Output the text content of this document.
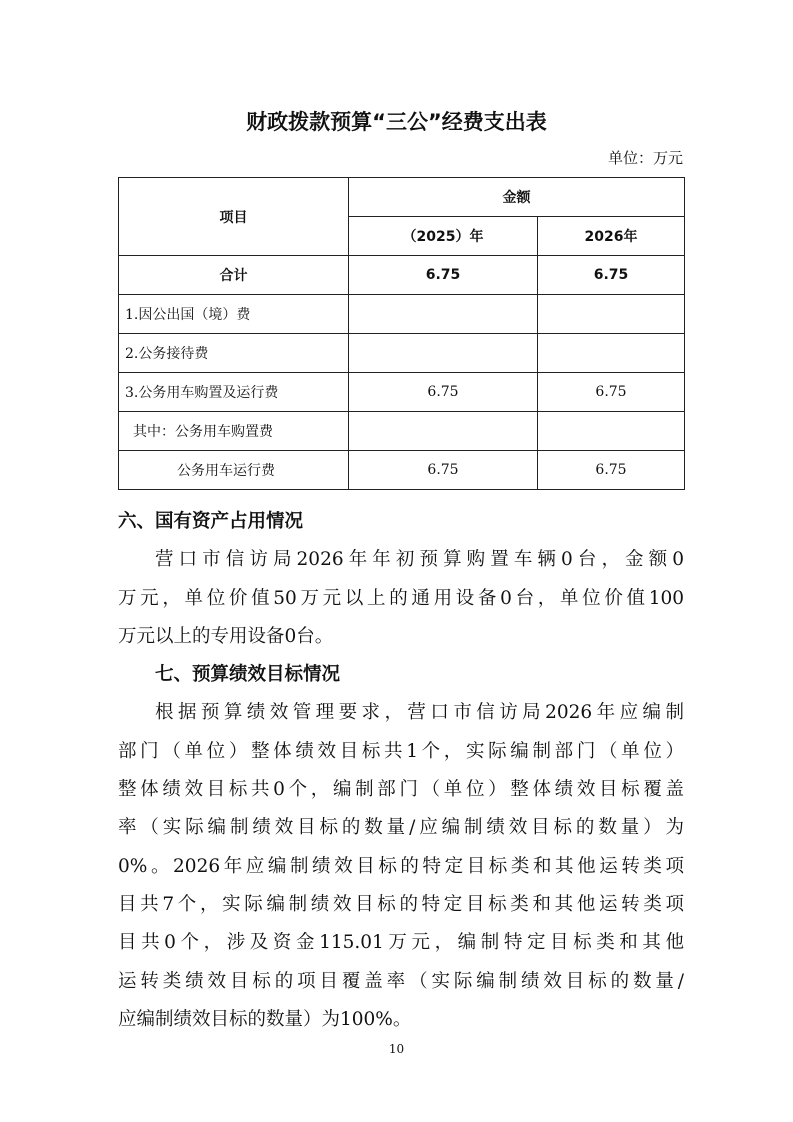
财政拨款预算“三公”经费支出表
单位：万元
项目	金额	
	（2025）年	2026年
合计	6.75	6.75
1.因公出国（境）费		
2.公务接待费		
3.公务用车购置及运行费	6.75	6.75
其中：公务用车购置费		
公务用车运行费	6.75	6.75
六、国有资产占用情况
营口市信访局2026年年初预算购置车辆0台，金额0
万元，单位价值50万元以上的通用设备0台，单位价值100
万元以上的专用设备0台。
七、预算绩效目标情况
根据预算绩效管理要求，营口市信访局2026年应编制
部门（单位）整体绩效目标共1个，实际编制部门（单位）
整体绩效目标共0个，编制部门（单位）整体绩效目标覆盖
率（实际编制绩效目标的数量/应编制绩效目标的数量）为
0%。2026年应编制绩效目标的特定目标类和其他运转类项
目共7个，实际编制绩效目标的特定目标类和其他运转类项
目共0个，涉及资金115.01万元，编制特定目标类和其他
运转类绩效目标的项目覆盖率（实际编制绩效目标的数量/
应编制绩效目标的数量）为100%。
10
